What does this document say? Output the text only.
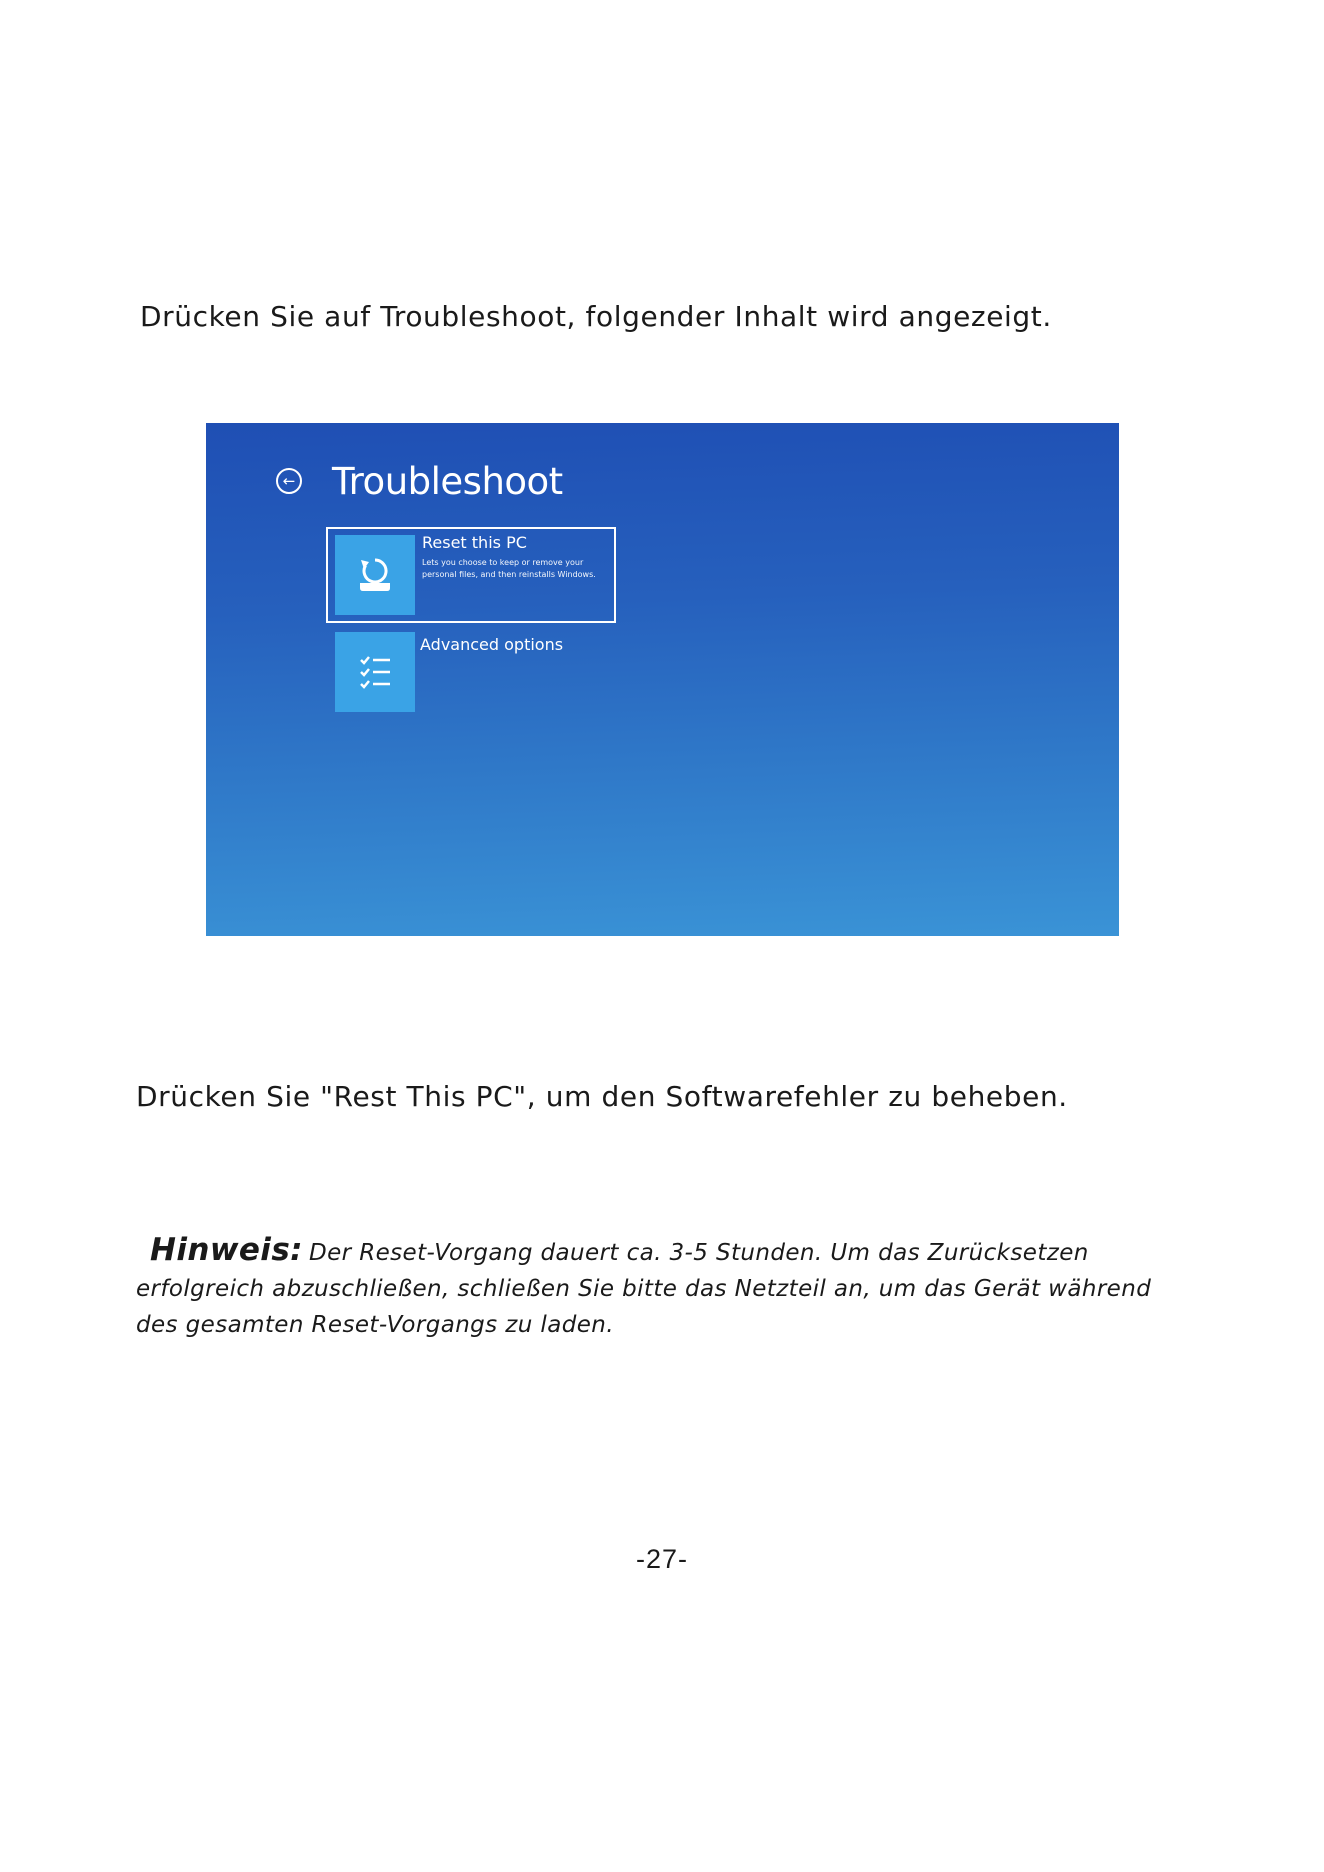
Drücken Sie auf Troubleshoot, folgender Inhalt wird angezeigt.

← Troubleshoot
Reset this PC
Lets you choose to keep or remove your personal files, and then reinstalls Windows.
Advanced options

Drücken Sie "Rest This PC", um den Softwarefehler zu beheben.

Hinweis: Der Reset-Vorgang dauert ca. 3-5 Stunden. Um das Zurücksetzen erfolgreich abzuschließen, schließen Sie bitte das Netzteil an, um das Gerät während des gesamten Reset-Vorgangs zu laden.
-27-
